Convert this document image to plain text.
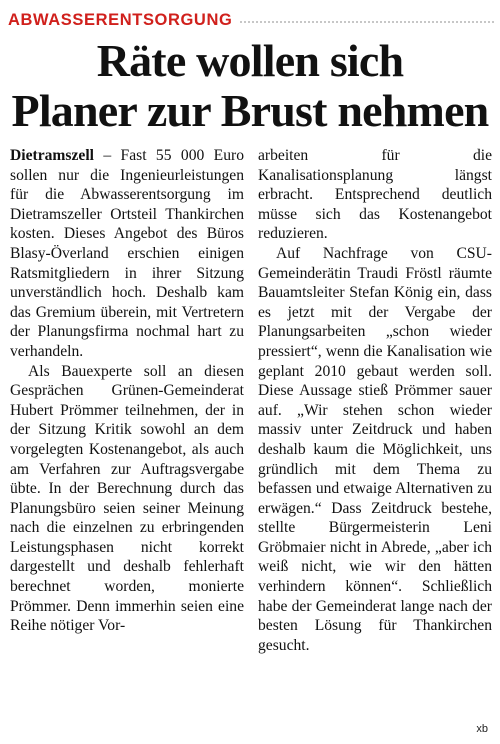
ABWASSERENTSORGUNG
Räte wollen sich
Planer zur Brust nehmen

Dietramszell – Fast 55 000 Euro sollen nur die Ingenieurleistungen für die Abwasserentsorgung im Dietramszeller Ortsteil Thankirchen kosten. Dieses Angebot des Büros Blasy-Överland erschien einigen Ratsmitgliedern in ihrer Sitzung unverständlich hoch. Deshalb kam das Gremium überein, mit Vertretern der Planungsfirma nochmal hart zu verhandeln.

Als Bauexperte soll an diesen Gesprächen Grünen-Gemeinderat Hubert Prömmer teilnehmen, der in der Sitzung Kritik sowohl an dem vorgelegten Kostenangebot, als auch am Verfahren zur Auftragsvergabe übte. In der Berechnung durch das Planungsbüro seien seiner Meinung nach die einzelnen zu erbringenden Leistungsphasen nicht korrekt dargestellt und deshalb fehlerhaft berechnet worden, monierte Prömmer. Denn immerhin seien eine Reihe nötiger Vor-

arbeiten für die Kanalisationsplanung längst erbracht. Entsprechend deutlich müsse sich das Kostenangebot reduzieren.

Auf Nachfrage von CSU-Gemeinderätin Traudi Fröstl räumte Bauamtsleiter Stefan König ein, dass es jetzt mit der Vergabe der Planungsarbeiten „schon wieder pressiert“, wenn die Kanalisation wie geplant 2010 gebaut werden soll. Diese Aussage stieß Prömmer sauer auf. „Wir stehen schon wieder massiv unter Zeitdruck und haben deshalb kaum die Möglichkeit, uns gründlich mit dem Thema zu befassen und etwaige Alternativen zu erwägen.“ Dass Zeitdruck bestehe, stellte Bürgermeisterin Leni Gröbmaier nicht in Abrede, „aber ich weiß nicht, wie wir den hätten verhindern können“. Schließlich habe der Gemeinderat lange nach der besten Lösung für Thankirchen gesucht.

xb
